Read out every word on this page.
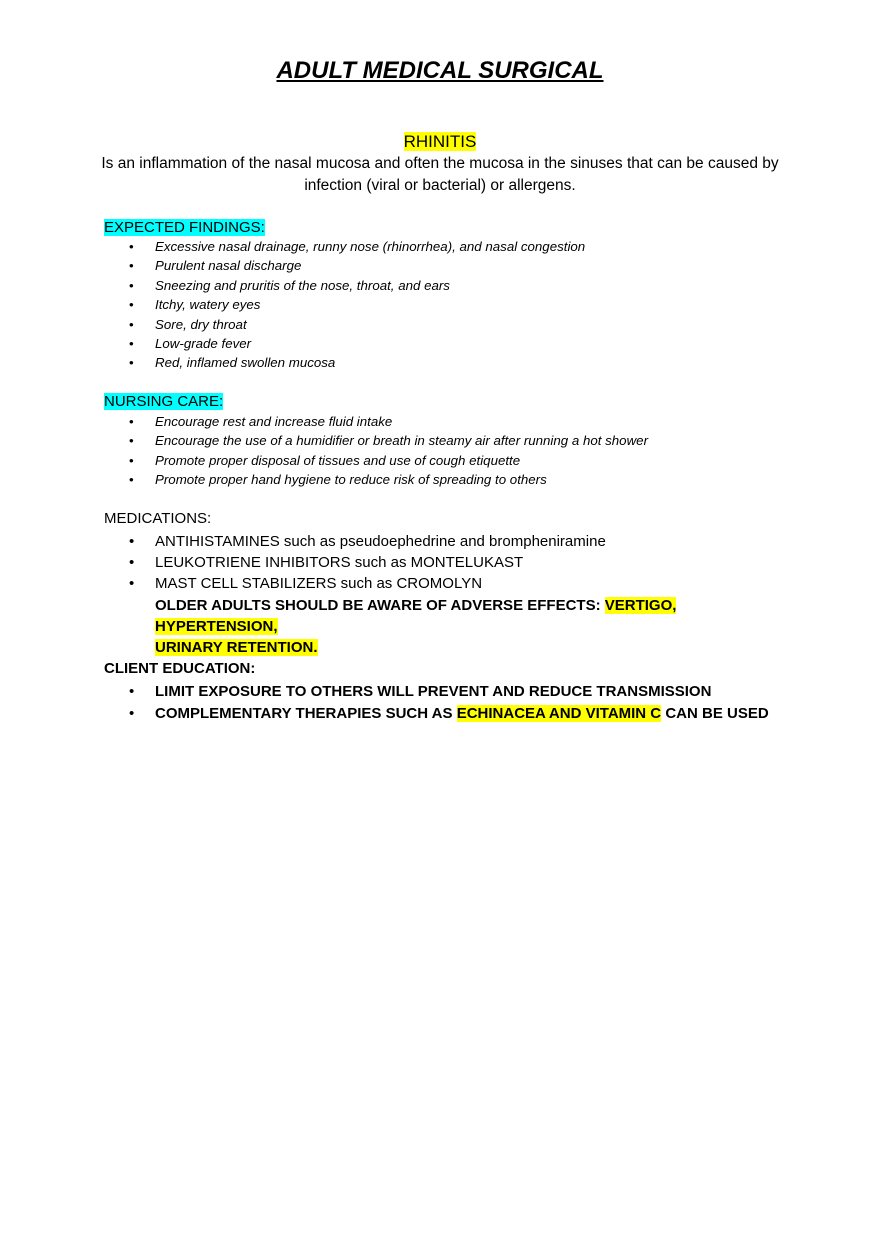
ADULT MEDICAL SURGICAL
RHINITIS

Is an inflammation of the nasal mucosa and often the mucosa in the sinuses that can be caused by infection (viral or bacterial) or allergens.

EXPECTED FINDINGS:
• Excessive nasal drainage, runny nose (rhinorrhea), and nasal congestion
• Purulent nasal discharge
• Sneezing and pruritis of the nose, throat, and ears
• Itchy, watery eyes
• Sore, dry throat
• Low-grade fever
• Red, inflamed swollen mucosa
NURSING CARE:
• Encourage rest and increase fluid intake
• Encourage the use of a humidifier or breath in steamy air after running a hot shower
• Promote proper disposal of tissues and use of cough etiquette
• Promote proper hand hygiene to reduce risk of spreading to others
MEDICATIONS:
• ANTIHISTAMINES such as pseudoephedrine and brompheniramine
• LEUKOTRIENE INHIBITORS such as MONTELUKAST
• MAST CELL STABILIZERS such as CROMOLYN
OLDER ADULTS SHOULD BE AWARE OF ADVERSE EFFECTS: VERTIGO, HYPERTENSION,
URINARY RETENTION.
CLIENT EDUCATION:
• LIMIT EXPOSURE TO OTHERS WILL PREVENT AND REDUCE TRANSMISSION
• COMPLEMENTARY THERAPIES SUCH AS ECHINACEA AND VITAMIN C CAN BE USED
